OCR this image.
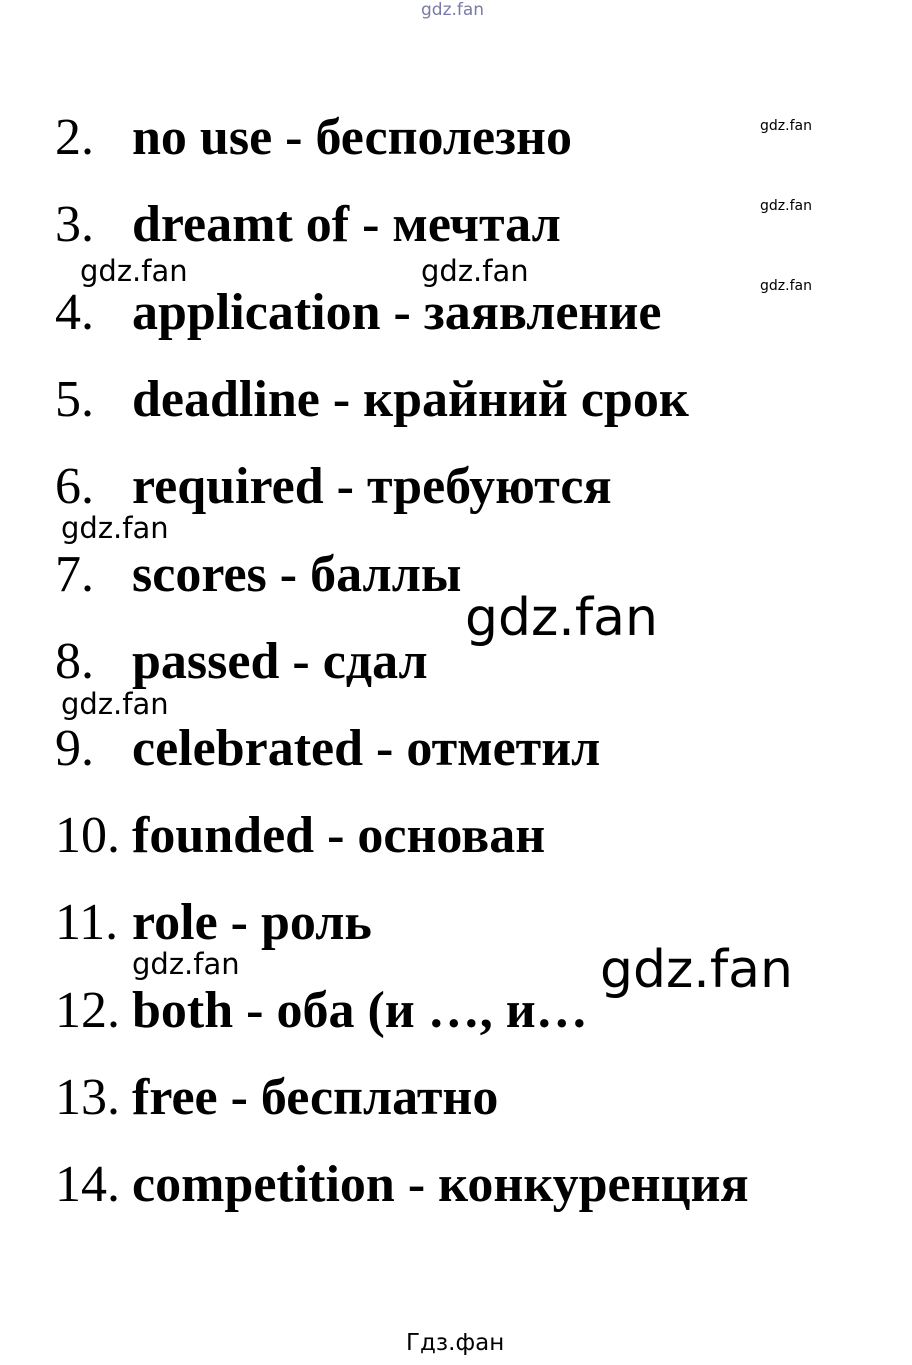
2. no use - бесполезно
3. dreamt of - мечтал
4. application - заявление
5. deadline - крайний срок
6. required - требуются
7. scores - баллы
8. passed - сдал
9. celebrated - отметил
10. founded - основан
11. role - роль
12. both - оба (и …, и…
13. free - бесплатно
14. competition - конкуренция
gdz.fan
gdz.fan
gdz.fan
gdz.fan
gdz.fan	gdz.fan
gdz.fan
gdz.fan
gdz.fan
gdz.fan	gdz.fan
Гдз.фан
